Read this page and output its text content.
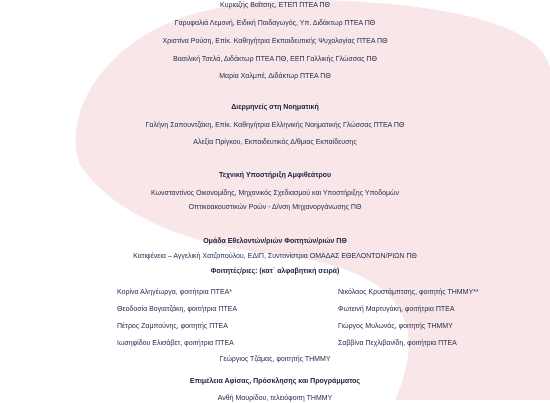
Κυριαζής Βαΐτσης, ΕΤΕΠ ΠΤΕΑ ΠΘ
Γαρυφαλιά Λεμονή, Ειδική Παιδαγωγός, Υπ. Διδάκτωρ ΠΤΕΑ ΠΘ
Χριστίνα Ρούση, Επίκ. Καθηγήτρια Εκπαιδευτικής Ψυχολογίας ΠΤΕΑ ΠΘ
Βασιλική Τσελά, Διδάκτωρ ΠΤΕΑ ΠΘ, ΕΕΠ Γαλλικής Γλώσσας ΠΘ
Μαρία Χαλμπέ, Διδάκτωρ ΠΤΕΑ ΠΘ
Διερμηνείς στη Νοηματική
Γαλήνη Σαπουντζάκη, Επίκ. Καθηγήτρια Ελληνικής Νοηματικής Γλώσσας ΠΤΕΑ ΠΘ
Αλεξία Πρίγκου, Εκπαιδευτικός Δ/θμιας Εκπαίδευσης
Τεχνική Υποστήριξη Αμφιθεάτρου
Κωνσταντίνος Οικονομίδης, Μηχανικός Σχεδιασμού και Υποστήριξης Υποδομών
Οπτικοακουστικών Ροών - Δ/νση Μηχανοργάνωσης ΠΘ
Ομάδα Εθελοντών/ριών Φοιτητών/ριών ΠΘ
Κατιφένεια – Αγγελική Χατζοπούλου, ΕΔΙΠ, Συντονίστρια ΟΜΑΔΑΣ ΕΘΕΛΟΝΤΩΝ/ΡΙΩΝ ΠΘ
Φοιτητές/ριες: (κατ΄ αλφαβητική σειρά)
Κορίνα Αληγέωργα, φοιτήτρια ΠΤΕΑ*
Θεοδοσία Βογιατζάκη, φοιτήτρια ΠΤΕΑ
Πέτρος Ζαμπούνης, φοιτητής ΠΤΕΑ
Ιωσηφίδου Ελισάβετ, φοιτήτρια ΠΤΕΑ
Νικόλαος Κρυστάμπτσης, φοιτητής ΤΗΜΜΥ**
Φωτεινή Μαρτυγάκη, φοιτήτρια ΠΤΕΑ
Γιώργος Μυλωνάς, φοιτητής ΤΗΜΜΥ
Σαββίνα Πεχλιβανίδη, φοιτήτρια ΠΤΕΑ
Γεώργιος Τζάμας, φοιτητής ΤΗΜΜΥ
Επιμέλεια Αφίσας, Πρόσκλησης και Προγράμματος
Ανθή Μαυρίδου, τελειόφοιτη ΤΗΜΜΥ
